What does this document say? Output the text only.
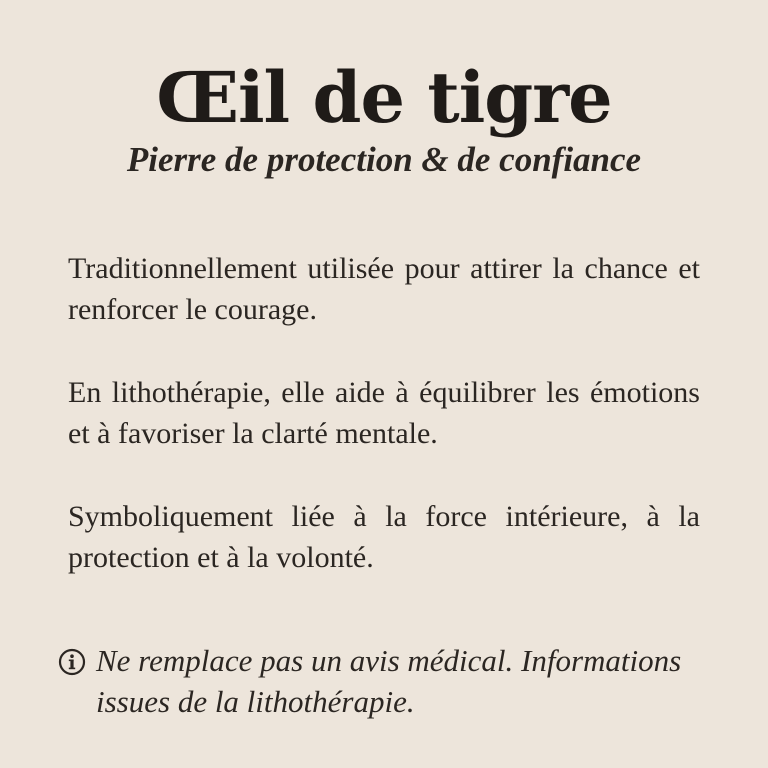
Œil de tigre
Pierre de protection & de confiance

Traditionnellement utilisée pour attirer la chance et renforcer le courage.

En lithothérapie, elle aide à équilibrer les émotions et à favoriser la clarté mentale.

Symboliquement liée à la force intérieure, à la protection et à la volonté.

Ne remplace pas un avis médical. Informations issues de la lithothérapie.
